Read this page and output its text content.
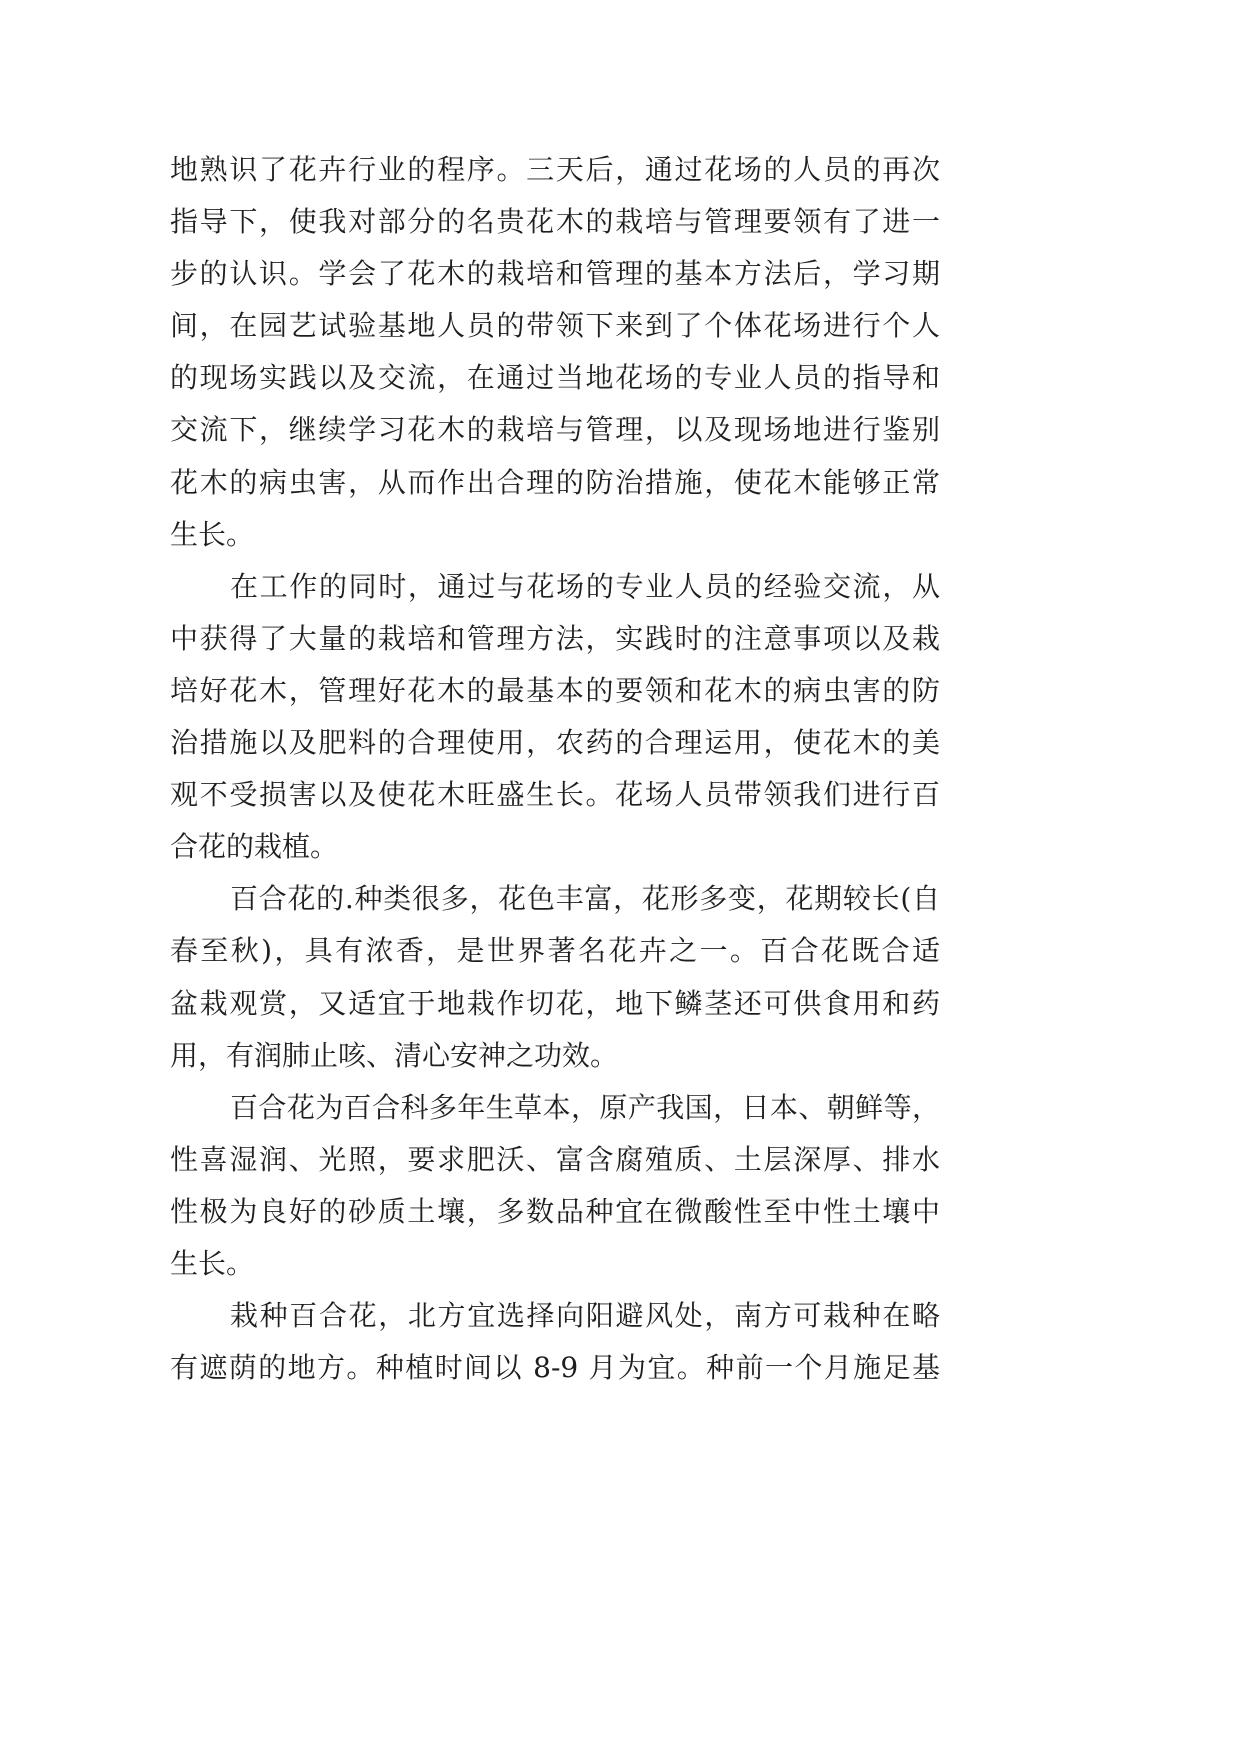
地熟识了花卉行业的程序。三天后，通过花场的人员的再次
指导下，使我对部分的名贵花木的栽培与管理要领有了进一
步的认识。学会了花木的栽培和管理的基本方法后，学习期
间，在园艺试验基地人员的带领下来到了个体花场进行个人
的现场实践以及交流，在通过当地花场的专业人员的指导和
交流下，继续学习花木的栽培与管理，以及现场地进行鉴别
花木的病虫害，从而作出合理的防治措施，使花木能够正常
生长。
在工作的同时，通过与花场的专业人员的经验交流，从
中获得了大量的栽培和管理方法，实践时的注意事项以及栽
培好花木，管理好花木的最基本的要领和花木的病虫害的防
治措施以及肥料的合理使用，农药的合理运用，使花木的美
观不受损害以及使花木旺盛生长。花场人员带领我们进行百
合花的栽植。
百合花的.种类很多，花色丰富，花形多变，花期较长(自
春至秋)，具有浓香，是世界著名花卉之一。百合花既合适
盆栽观赏，又适宜于地栽作切花，地下鳞茎还可供食用和药
用，有润肺止咳、清心安神之功效。
百合花为百合科多年生草本，原产我国，日本、朝鲜等，
性喜湿润、光照，要求肥沃、富含腐殖质、土层深厚、排水
性极为良好的砂质土壤，多数品种宜在微酸性至中性土壤中
生长。
栽种百合花，北方宜选择向阳避风处，南方可栽种在略
有遮荫的地方。种植时间以 8-9 月为宜。种前一个月施足基
